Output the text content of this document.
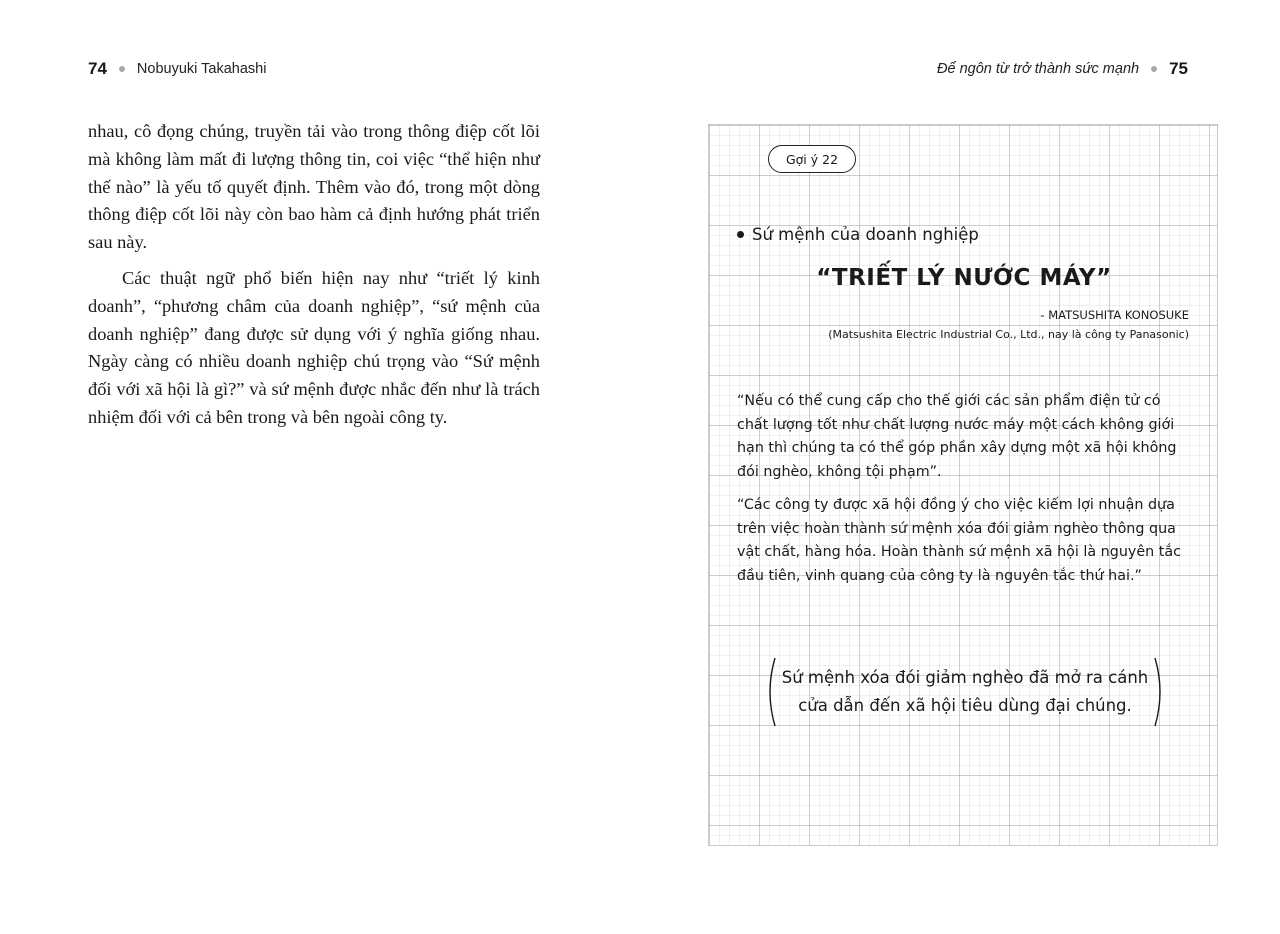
74 Nobuyuki Takahashi	Để ngôn từ trở thành sức mạnh 75

nhau, cô đọng chúng, truyền tải vào trong thông điệp cốt lõi mà không làm mất đi lượng thông tin, coi việc “thể hiện như thế nào” là yếu tố quyết định. Thêm vào đó, trong một dòng thông điệp cốt lõi này còn bao hàm cả định hướng phát triển sau này.

Các thuật ngữ phổ biến hiện nay như “triết lý kinh doanh”, “phương châm của doanh nghiệp”, “sứ mệnh của doanh nghiệp” đang được sử dụng với ý nghĩa giống nhau. Ngày càng có nhiều doanh nghiệp chú trọng vào “Sứ mệnh đối với xã hội là gì?” và sứ mệnh được nhắc đến như là trách nhiệm đối với cả bên trong và bên ngoài công ty.

Gợi ý 22
Sứ mệnh của doanh nghiệp
“TRIẾT LÝ NƯỚC MÁY”
- MATSUSHITA KONOSUKE
(Matsushita Electric Industrial Co., Ltd., nay là công ty Panasonic)
“Nếu có thể cung cấp cho thế giới các sản phẩm điện tử có chất lượng tốt như chất lượng nước máy một cách không giới hạn thì chúng ta có thể góp phần xây dựng một xã hội không đói nghèo, không tội phạm”.
“Các công ty được xã hội đồng ý cho việc kiếm lợi nhuận dựa trên việc hoàn thành sứ mệnh xóa đói giảm nghèo thông qua vật chất, hàng hóa. Hoàn thành sứ mệnh xã hội là nguyên tắc đầu tiên, vinh quang của công ty là nguyên tắc thứ hai.”
Sứ mệnh xóa đói giảm nghèo đã mở ra cánh
cửa dẫn đến xã hội tiêu dùng đại chúng.
